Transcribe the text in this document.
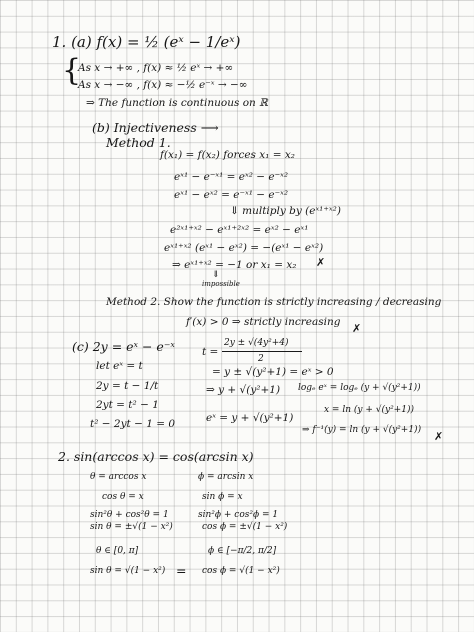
1. (a) f(x) = ½ (eˣ − 1/eˣ)
{
As x → +∞ , f(x) ≈ ½ eˣ → +∞
As x → −∞ , f(x) ≈ −½ e⁻ˣ → −∞
⇒ The function is continuous on ℝ
(b) Injectiveness ⟶
Method 1.
f(x₁) = f(x₂) forces x₁ = x₂
eˣ¹ − e⁻ˣ¹ = eˣ² − e⁻ˣ²
eˣ¹ − eˣ² = e⁻ˣ¹ − e⁻ˣ²
⇓ multiply by (eˣ¹⁺ˣ²)
e²ˣ¹⁺ˣ² − eˣ¹⁺²ˣ² = eˣ² − eˣ¹
eˣ¹⁺ˣ² (eˣ¹ − eˣ²) = −(eˣ¹ − eˣ²)
⇒ eˣ¹⁺ˣ² = −1 or x₁ = x₂ ✗
⇓
impossible
Method 2. Show the function is strictly increasing / decreasing
f′(x) > 0 ⇒ strictly increasing ✗
(c) 2y = eˣ − e⁻ˣ
let eˣ = t
2y = t − 1/t
2yt = t² − 1
t² − 2yt − 1 = 0
t =
2y ± √(4y²+4)
2
= y ± √(y²+1) = eˣ > 0
⇒ y + √(y²+1)
eˣ = y + √(y²+1)
logₑ eˣ = logₑ (y + √(y²+1))
x = ln (y + √(y²+1))
⇒ f⁻¹(y) = ln (y + √(y²+1)) ✗
2. sin(arccos x) = cos(arcsin x)
θ = arccos x
cos θ = x
sin²θ + cos²θ = 1
sin θ = ±√(1 − x²)
θ ∈ [0, π]
sin θ = √(1 − x²)
ϕ = arcsin x
sin ϕ = x
sin²ϕ + cos²ϕ = 1
cos ϕ = ±√(1 − x²)
ϕ ∈ [−π/2, π/2]
= cos ϕ = √(1 − x²)
